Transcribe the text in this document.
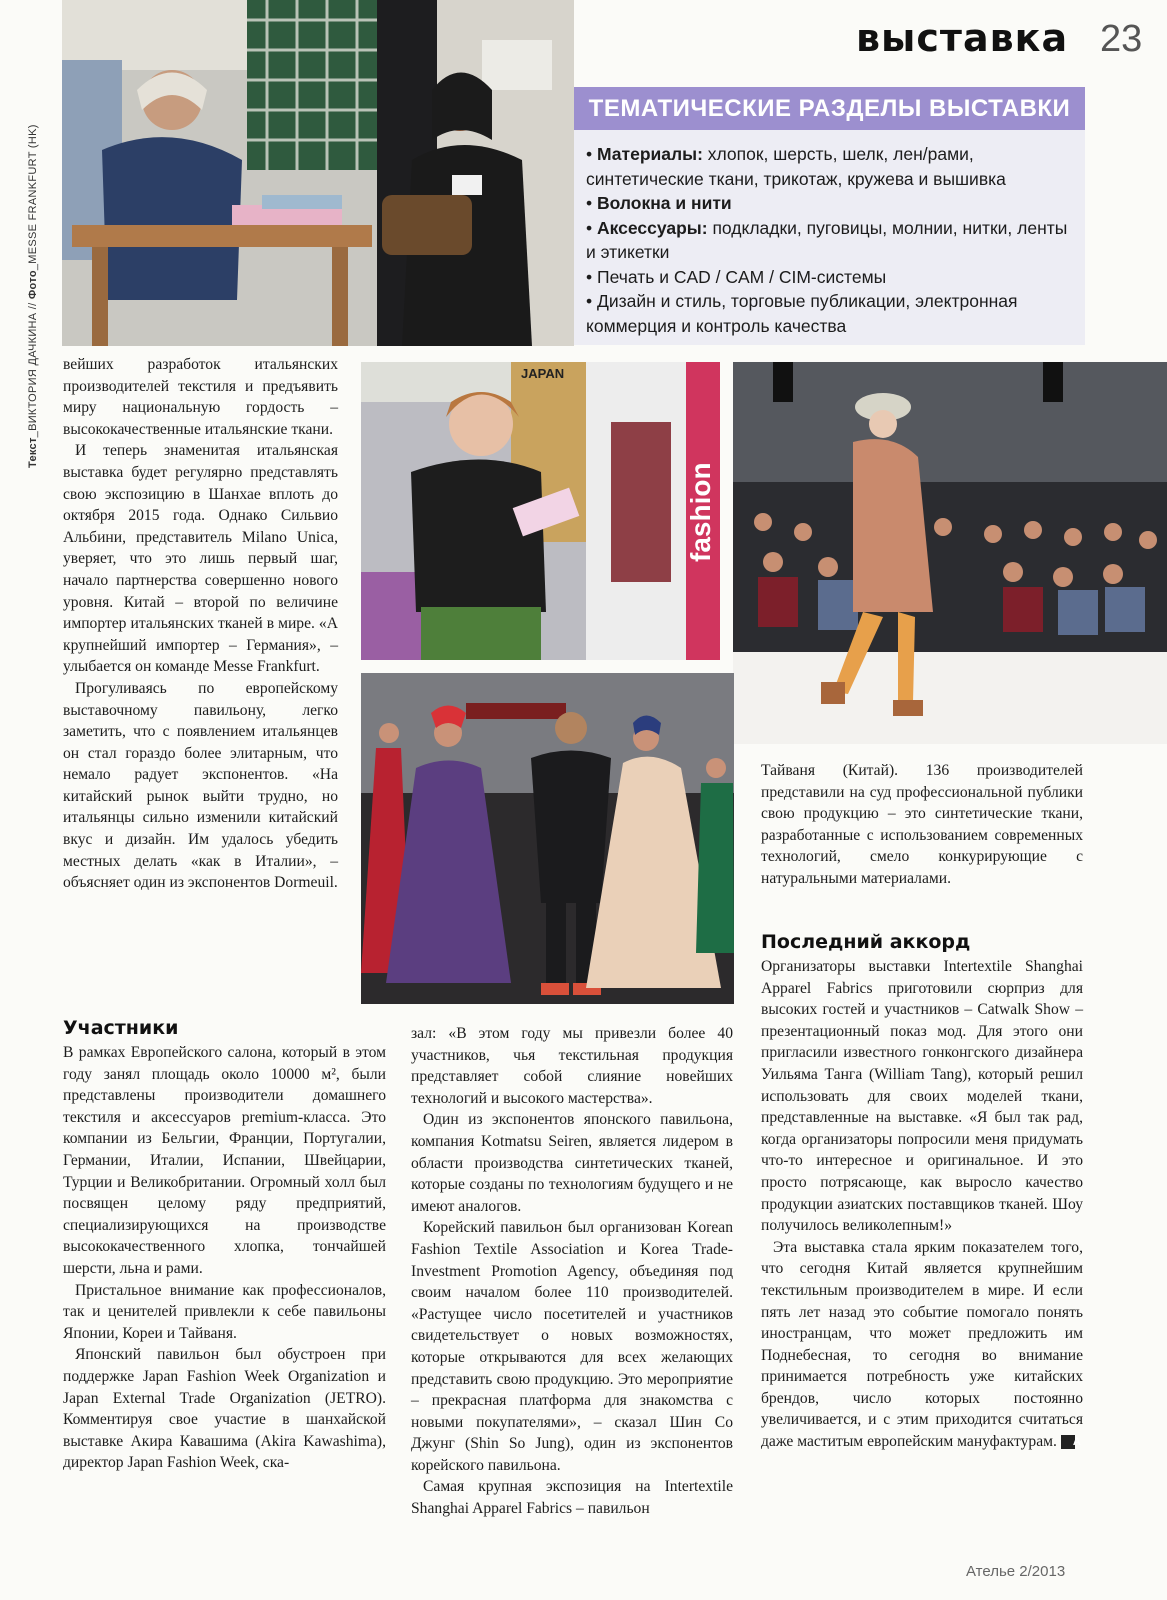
выставка 23
Текст_ВИКТОРИЯ ДАЧКИНА // Фото_MESSE FRANKFURT (HK)
ТЕМАТИЧЕСКИЕ РАЗДЕЛЫ ВЫСТАВКИ
• Материалы: хлопок, шерсть, шелк, лен/рами, синтетические ткани, трикотаж, кружева и вышивка
• Волокна и нити
• Аксессуары: подкладки, пуговицы, молнии, нитки, ленты и этикетки
• Печать и CAD / CAM / CIM-системы
• Дизайн и стиль, торговые публикации, электронная коммерция и контроль качества
JAPAN
fashion

вейших разработок итальянских производителей текстиля и предъявить миру национальную гордость – высококачественные итальянские ткани.

И теперь знаменитая итальянская выставка будет регулярно представлять свою экспозицию в Шанхае вплоть до октября 2015 года. Однако Сильвио Альбини, представитель Milano Unica, уверяет, что это лишь первый шаг, начало партнерства совершенно нового уровня. Китай – второй по величине импортер итальянских тканей в мире. «А крупнейший импортер – Германия», – улыбается он команде Messe Frankfurt.

Прогуливаясь по европейскому выставочному павильону, легко заметить, что с появлением итальянцев он стал гораздо более элитарным, что немало радует экспонентов. «На китайский рынок выйти трудно, но итальянцы сильно изменили китайский вкус и дизайн. Им удалось убедить местных делать «как в Италии», – объясняет один из экспонентов Dormeuil.

Участники

В рамках Европейского салона, который в этом году занял площадь около 10000 м², были представлены производители домашнего текстиля и аксессуаров premium-класса. Это компании из Бельгии, Франции, Португалии, Германии, Италии, Испании, Швейцарии, Турции и Великобритании. Огромный холл был посвящен целому ряду предприятий, специализирующихся на производстве высококачественного хлопка, тончайшей шерсти, льна и рами.

Пристальное внимание как профессионалов, так и ценителей привлекли к себе павильоны Японии, Кореи и Тайваня.

Японский павильон был обустроен при поддержке Japan Fashion Week Organization и Japan External Trade Organization (JETRO). Комментируя свое участие в шанхайской выставке Акира Кавашима (Akira Kawashima), директор Japan Fashion Week, ска-

зал: «В этом году мы привезли более 40 участников, чья текстильная продукция представляет собой слияние новейших технологий и высокого мастерства».

Один из экспонентов японского павильона, компания Kotmatsu Seiren, является лидером в области производства синтетических тканей, которые созданы по технологиям будущего и не имеют аналогов.

Корейский павильон был организован Korean Fashion Textile Association и Korea Trade-Investment Promotion Agency, объединяя под своим началом более 110 производителей. «Растущее число посетителей и участников свидетельствует о новых возможностях, которые открываются для всех желающих представить свою продукцию. Это мероприятие – прекрасная платформа для знакомства с новыми покупателями», – сказал Шин Со Джунг (Shin So Jung), один из экспонентов корейского павильона.

Самая крупная экспозиция на Intertextile Shanghai Apparel Fabrics – павильон

Тайваня (Китай). 136 производителей представили на суд профессиональной публики свою продукцию – это синтетические ткани, разработанные с использованием современных технологий, смело конкурирующие с натуральными материалами.

Последний аккорд

Организаторы выставки Intertextile Shanghai Apparel Fabrics приготовили сюрприз для высоких гостей и участников – Catwalk Show – презентационный показ мод. Для этого они пригласили известного гонконгского дизайнера Уильяма Танга (William Tang), который решил использовать для своих моделей ткани, представленные на выставке. «Я был так рад, когда организаторы попросили меня придумать что-то интересное и оригинальное. И это просто потрясающе, как выросло качество продукции азиатских поставщиков тканей. Шоу получилось великолепным!»

Эта выставка стала ярким показателем того, что сегодня Китай является крупнейшим текстильным производителем в мире. И если пять лет назад это событие помогало понять иностранцам, что может предложить им Поднебесная, то сегодня во внимание принимается потребность уже китайских брендов, число которых постоянно увеличивается, и с этим приходится считаться даже маститым европейским мануфактурам. А

Ателье 2/2013
